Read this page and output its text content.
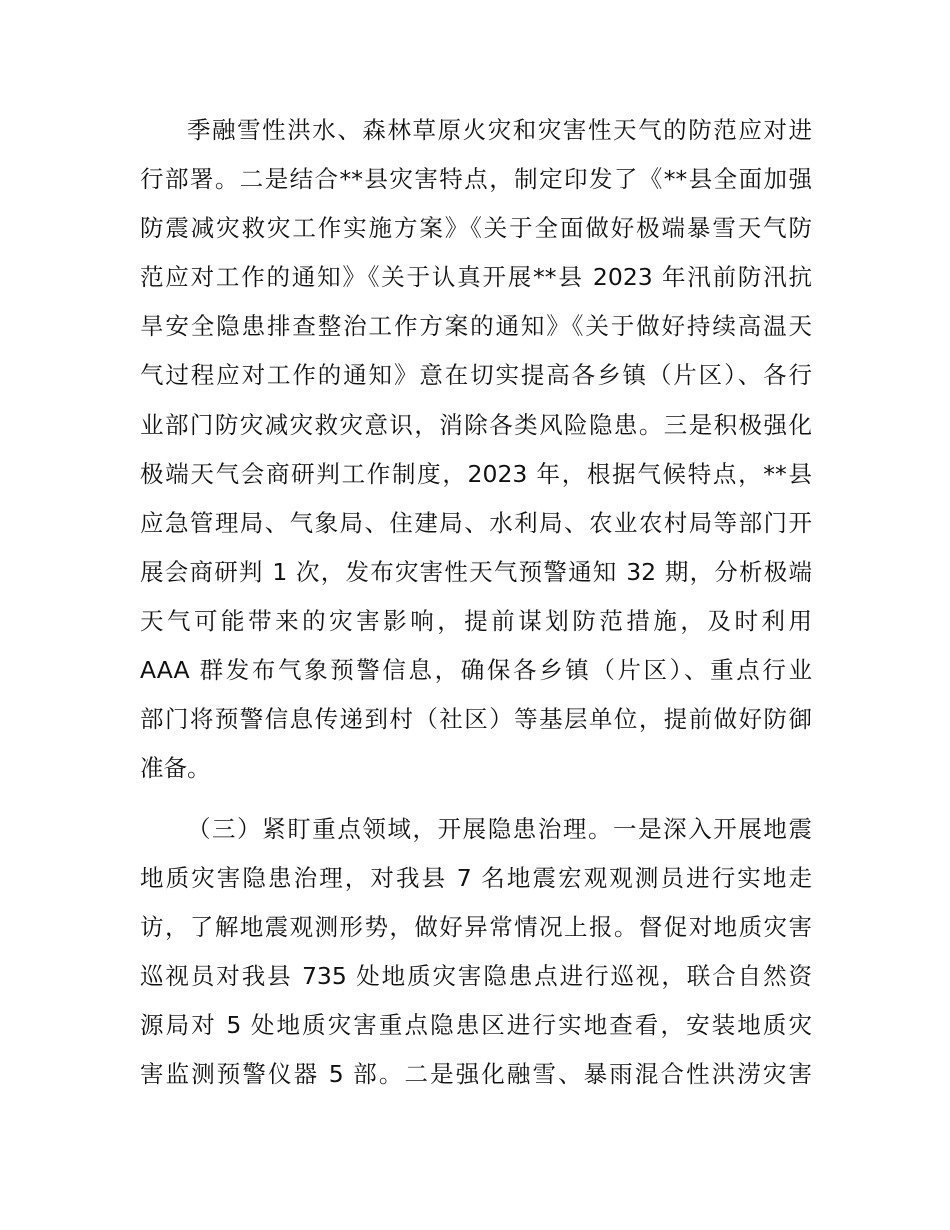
季融雪性洪水、森林草原火灾和灾害性天气的防范应对进
行部署。二是结合**县灾害特点，制定印发了《**县全面加强
防震减灾救灾工作实施方案》《关于全面做好极端暴雪天气防
范应对工作的通知》《关于认真开展**县 2023 年汛前防汛抗
旱安全隐患排查整治工作方案的通知》《关于做好持续高温天
气过程应对工作的通知》意在切实提高各乡镇（片区）、各行
业部门防灾减灾救灾意识，消除各类风险隐患。三是积极强化
极端天气会商研判工作制度，2023 年，根据气候特点，**县
应急管理局、气象局、住建局、水利局、农业农村局等部门开
展会商研判 1 次，发布灾害性天气预警通知 32 期，分析极端
天气可能带来的灾害影响，提前谋划防范措施，及时利用
AAA 群发布气象预警信息，确保各乡镇（片区）、重点行业
部门将预警信息传递到村（社区）等基层单位，提前做好防御
准备。
（三）紧盯重点领域，开展隐患治理。一是深入开展地震
地质灾害隐患治理，对我县 7 名地震宏观观测员进行实地走
访，了解地震观测形势，做好异常情况上报。督促对地质灾害
巡视员对我县 735 处地质灾害隐患点进行巡视，联合自然资
源局对 5 处地质灾害重点隐患区进行实地查看，安装地质灾
害监测预警仪器 5 部。二是强化融雪、暴雨混合性洪涝灾害
